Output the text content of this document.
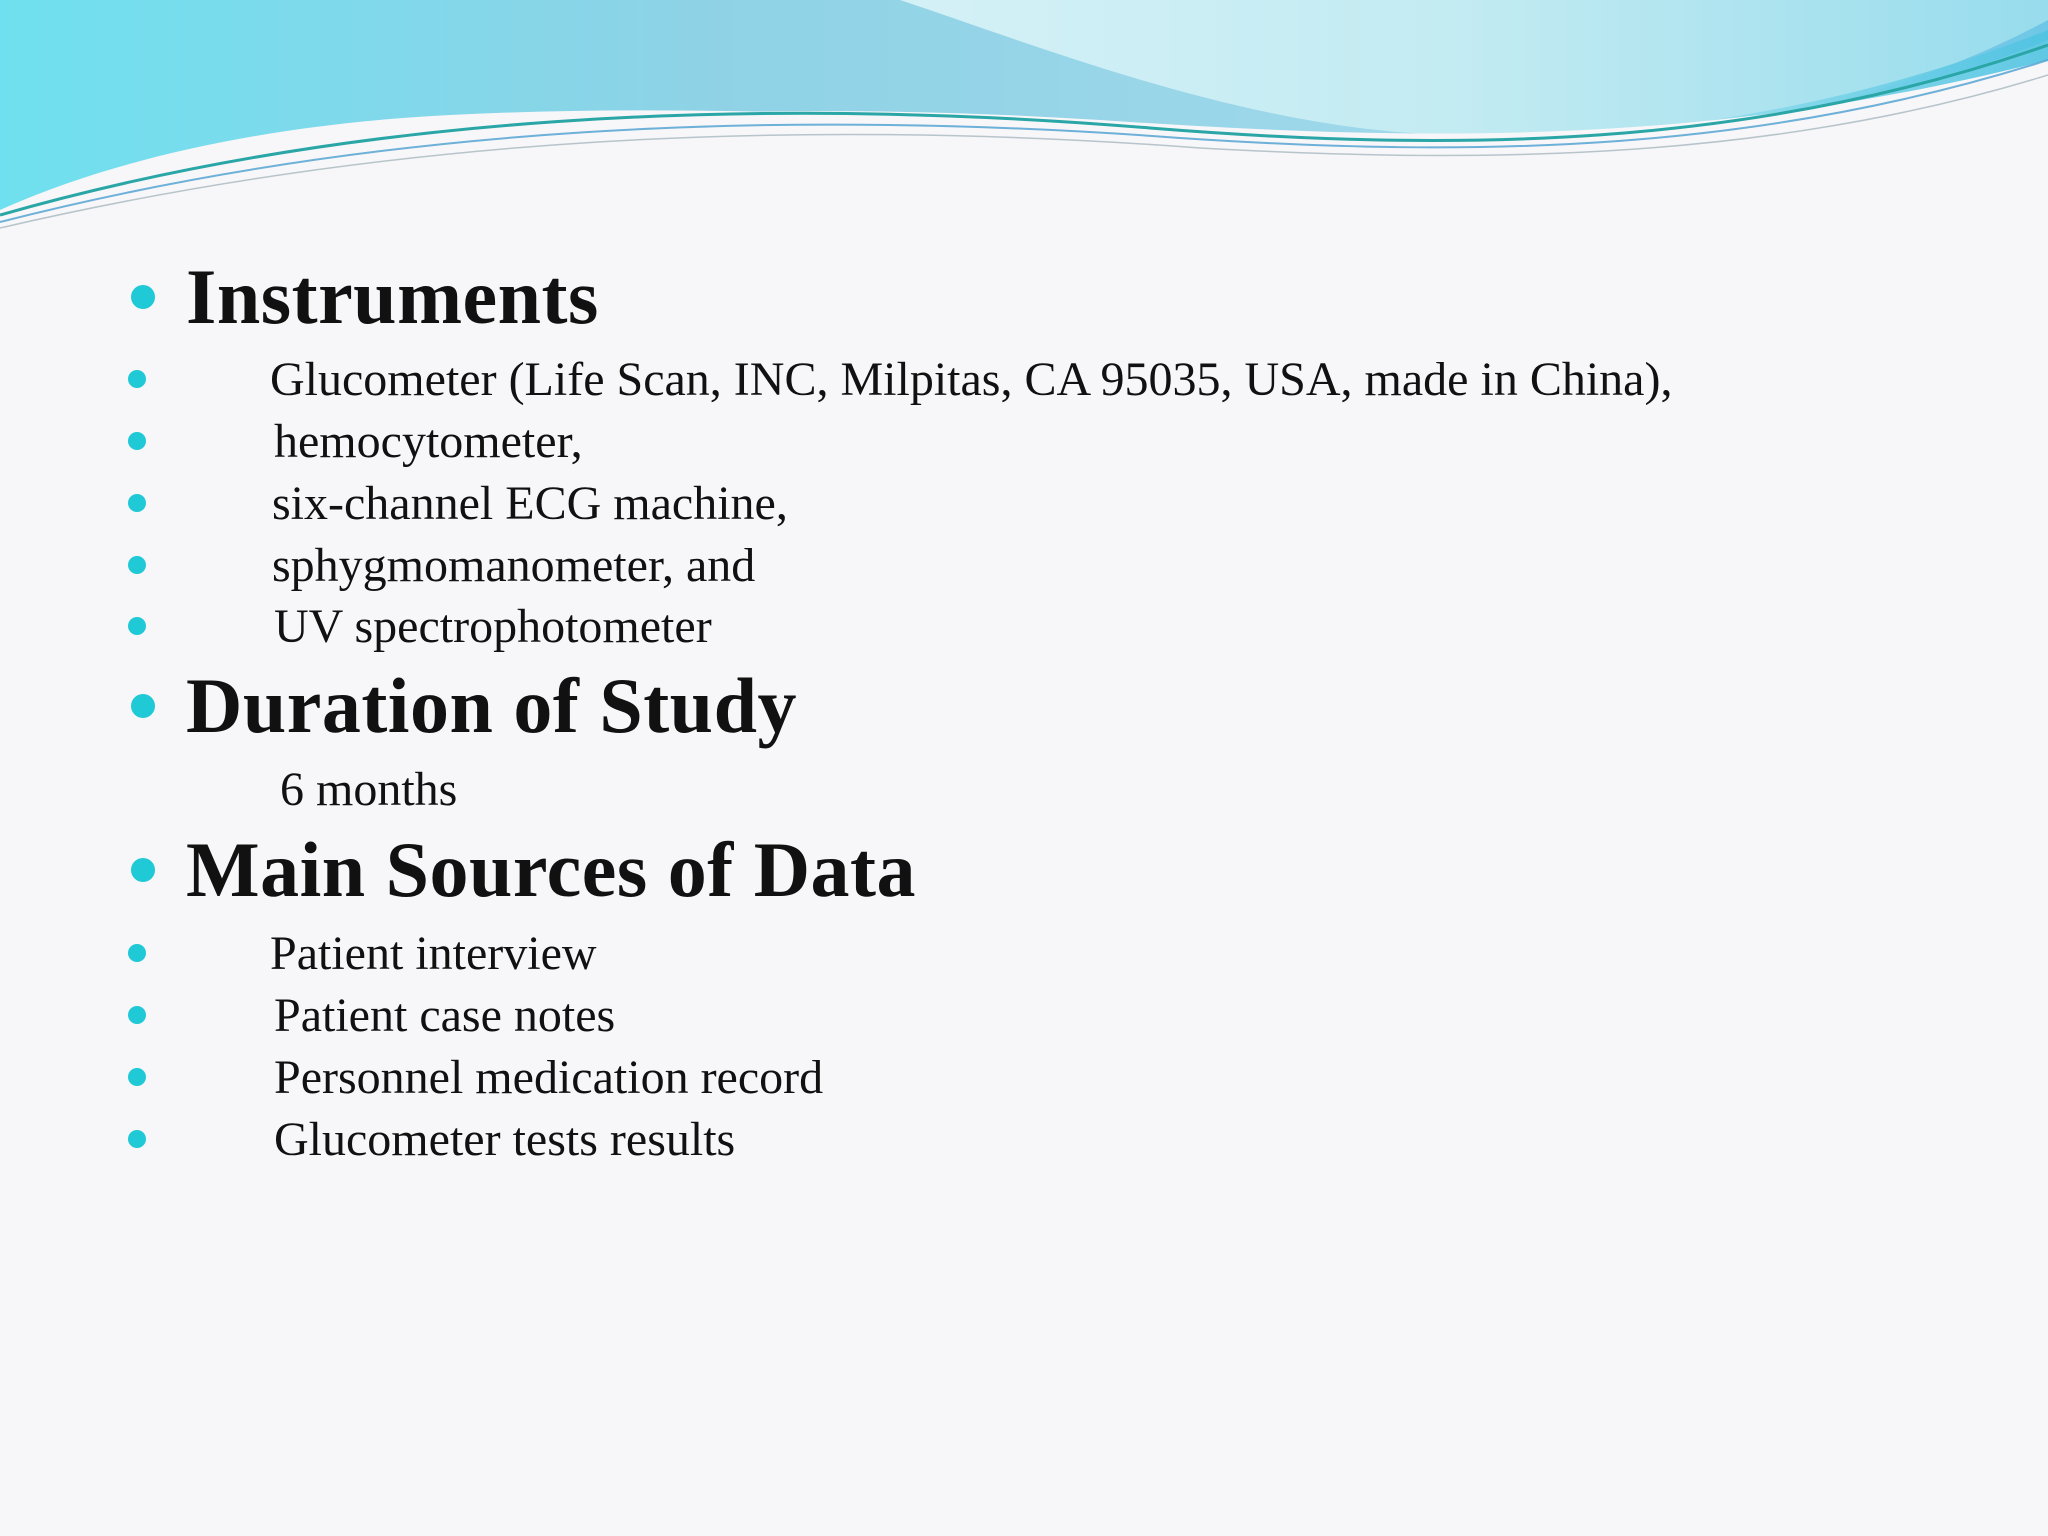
Instruments
Glucometer (Life Scan, INC, Milpitas, CA 95035, USA, made in China),
hemocytometer,
six-channel ECG machine,
sphygmomanometer, and
UV spectrophotometer
Duration of Study
6 months
Main Sources of Data
Patient interview
Patient case notes
Personnel medication record
Glucometer tests results
